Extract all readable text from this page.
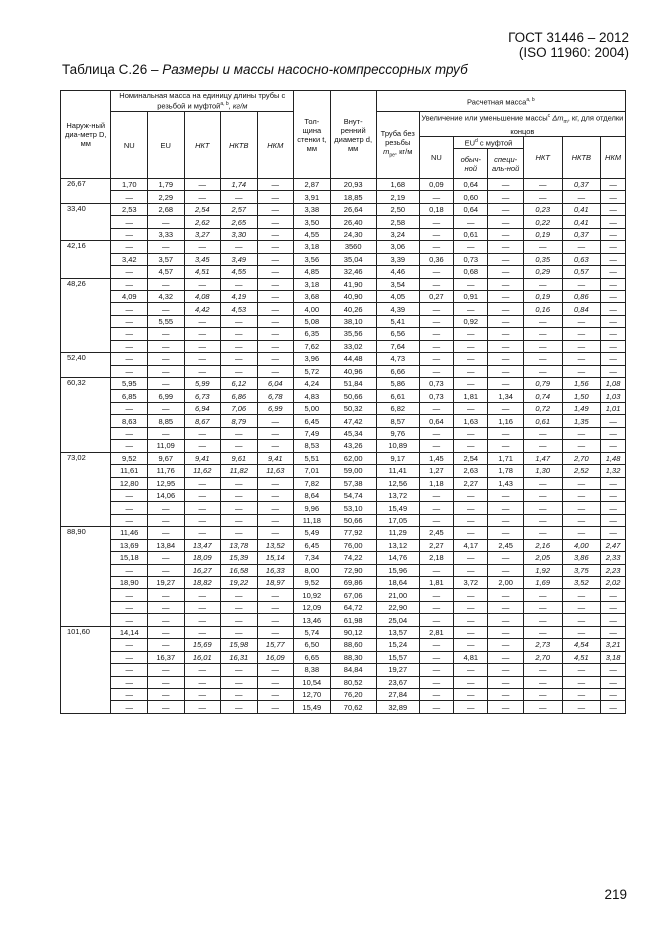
ГОСТ 31446 – 2012
(ISO 11960: 2004)
Таблица С.26 – Размеры и массы насосно-компрессорных труб
Наруж-ный диа-метр D, мм	Номинальная масса на единицу длины трубы с резьбой и муфтой$^{a, b}$, кг/м					Тол-щина стенки t, мм	Внут-ренний диаметр d, мм	Расчетная масса$^{a, b}$
	NU	EU	НКТ	НКТВ	НКМ			Труба без резьбы
$m_{pe}$, кг/м	Увеличение или уменьшение массы$^c$ $\Delta m_m$, кг, для отделки концов					
									NU	$EU^d$ с муфтой		НКТ	НКТВ	НКМ
										обыч-ной	специ-аль-ной			
26,67	1,70	1,79	—	1,74	—	2,87	20,93	1,68	0,09	0,64	—	—	0,37	—
	—	2,29	—	—	—	3,91	18,85	2,19	—	0,60	—	—	—	—
33,40	2,53	2,68	2,54	2,57	—	3,38	26,64	2,50	0,18	0,64	—	0,23	0,41	—
	—	—	2,62	2,65	—	3,50	26,40	2,58	—	—	—	0,22	0,41	—
	—	3,33	3,27	3,30	—	4,55	24,30	3,24	—	0,61	—	0,19	0,37	—
42,16	—	—	—	—	—	3,18	3560	3,06	—	—	—	—	—	—
	3,42	3,57	3,45	3,49	—	3,56	35,04	3,39	0,36	0,73	—	0,35	0,63	—
	—	4,57	4,51	4,55	—	4,85	32,46	4,46	—	0,68	—	0,29	0,57	—
48,26	—	—	—	—	—	3,18	41,90	3,54	—	—	—	—	—	—
	4,09	4,32	4,08	4,19	—	3,68	40,90	4,05	0,27	0,91	—	0,19	0,86	—
	—	—	4,42	4,53	—	4,00	40,26	4,39	—	—	—	0,16	0,84	—
	—	5,55	—	—	—	5,08	38,10	5,41	—	0,92	—	—	—	—
	—	—	—	—	—	6,35	35,56	6,56	—	—	—	—	—	—
	—	—	—	—	—	7,62	33,02	7,64	—	—	—	—	—	—
52,40	—	—	—	—	—	3,96	44,48	4,73	—	—	—	—	—	—
	—	—	—	—	—	5,72	40,96	6,66	—	—	—	—	—	—
60,32	5,95	—	5,99	6,12	6,04	4,24	51,84	5,86	0,73	—	—	0,79	1,56	1,08
	6,85	6,99	6,73	6,86	6,78	4,83	50,66	6,61	0,73	1,81	1,34	0,74	1,50	1,03
	—	—	6,94	7,06	6,99	5,00	50,32	6,82	—	—	—	0,72	1,49	1,01
	8,63	8,85	8,67	8,79	—	6,45	47,42	8,57	0,64	1,63	1,16	0,61	1,35	—
	—	—	—	—	—	7,49	45,34	9,76	—	—	—	—	—	—
	—	11,09	—	—	—	8,53	43,26	10,89	—	—	—	—	—	—
73,02	9,52	9,67	9,41	9,61	9,41	5,51	62,00	9,17	1,45	2,54	1,71	1,47	2,70	1,48
	11,61	11,76	11,62	11,82	11,63	7,01	59,00	11,41	1,27	2,63	1,78	1,30	2,52	1,32
	12,80	12,95	—	—	—	7,82	57,38	12,56	1,18	2,27	1,43	—	—	—
	—	14,06	—	—	—	8,64	54,74	13,72	—	—	—	—	—	—
	—	—	—	—	—	9,96	53,10	15,49	—	—	—	—	—	—
	—	—	—	—	—	11,18	50,66	17,05	—	—	—	—	—	—
88,90	11,46	—	—	—	—	5,49	77,92	11,29	2,45	—	—	—	—	—
	13,69	13,84	13,47	13,78	13,52	6,45	76,00	13,12	2,27	4,17	2,45	2,16	4,00	2,47
	15,18	—	18,09	15,39	15,14	7,34	74,22	14,76	2,18	—	—	2,05	3,86	2,33
	—	—	16,27	16,58	16,33	8,00	72,90	15,96	—	—	—	1,92	3,75	2,23
	18,90	19,27	18,82	19,22	18,97	9,52	69,86	18,64	1,81	3,72	2,00	1,69	3,52	2,02
	—	—	—	—	—	10,92	67,06	21,00	—	—	—	—	—	—
	—	—	—	—	—	12,09	64,72	22,90	—	—	—	—	—	—
	—	—	—	—	—	13,46	61,98	25,04	—	—	—	—	—	—
101,60	14,14	—	—	—	—	5,74	90,12	13,57	2,81	—	—	—	—	—
	—	—	15,69	15,98	15,77	6,50	88,60	15,24	—	—	—	2,73	4,54	3,21
	—	16,37	16,01	16,31	16,09	6,65	88,30	15,57	—	4,81	—	2,70	4,51	3,18
	—	—	—	—	—	8,38	84,84	19,27	—	—	—	—	—	—
	—	—	—	—	—	10,54	80,52	23,67	—	—	—	—	—	—
	—	—	—	—	—	12,70	76,20	27,84	—	—	—	—	—	—
	—	—	—	—	—	15,49	70,62	32,89	—	—	—	—	—	—
219
